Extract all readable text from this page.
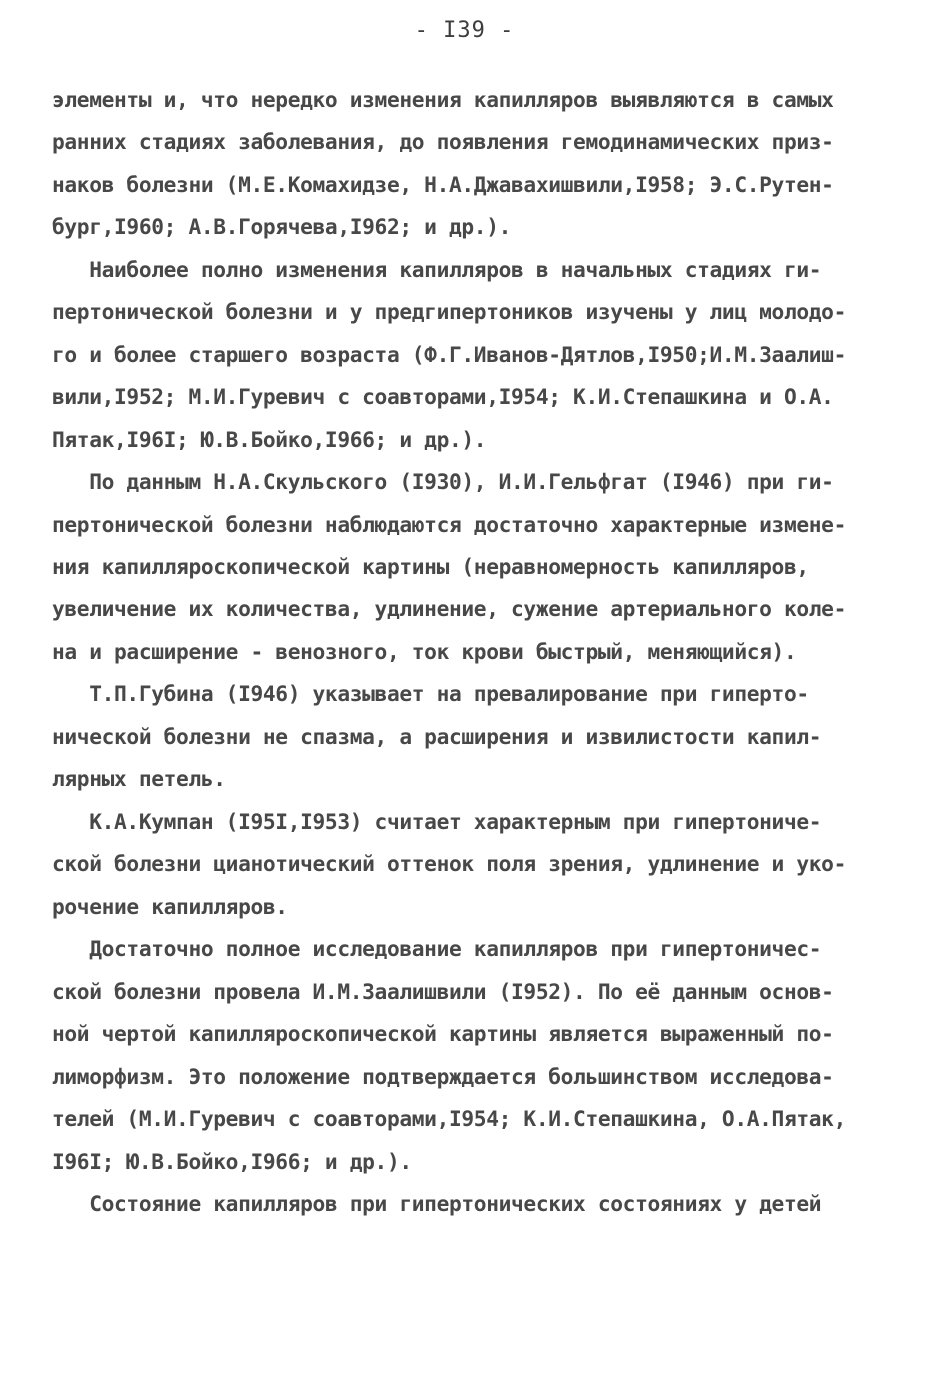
- I39 -
элементы и, что нередко изменения капилляров выявляются в самых
ранних стадиях заболевания, до появления гемодинамических приз-
наков болезни (М.Е.Комахидзе, Н.А.Джавахишвили,I958; Э.С.Рутен-
бург,I960; А.В.Горячева,I962; и др.).
Наиболее полно изменения капилляров в начальных стадиях ги-
пертонической болезни и у предгипертоников изучены у лиц молодо-
го и более старшего возраста (Ф.Г.Иванов-Дятлов,I950;И.М.Заалиш-
вили,I952; М.И.Гуревич с соавторами,I954; К.И.Степашкина и О.А.
Пятак,I96I; Ю.В.Бойко,I966; и др.).
По данным Н.А.Скульского (I930), И.И.Гельфгат (I946) при ги-
пертонической болезни наблюдаются достаточно характерные измене-
ния капилляроскопической картины (неравномерность капилляров,
увеличение их количества, удлинение, сужение артериального коле-
на и расширение - венозного, ток крови быстрый, меняющийся).
Т.П.Губина (I946) указывает на превалирование при гиперто-
нической болезни не спазма, а расширения и извилистости капил-
лярных петель.
К.А.Кумпан (I95I,I953) считает характерным при гипертониче-
ской болезни цианотический оттенок поля зрения, удлинение и уко-
рочение капилляров.
Достаточно полное исследование капилляров при гипертоничес-
ской болезни провела И.М.Заалишвили (I952). По её данным основ-
ной чертой капилляроскопической картины является выраженный по-
лиморфизм. Это положение подтверждается большинством исследова-
телей (М.И.Гуревич с соавторами,I954; К.И.Степашкина, О.А.Пятак,
I96I; Ю.В.Бойко,I966; и др.).
Состояние капилляров при гипертонических состояниях у детей
